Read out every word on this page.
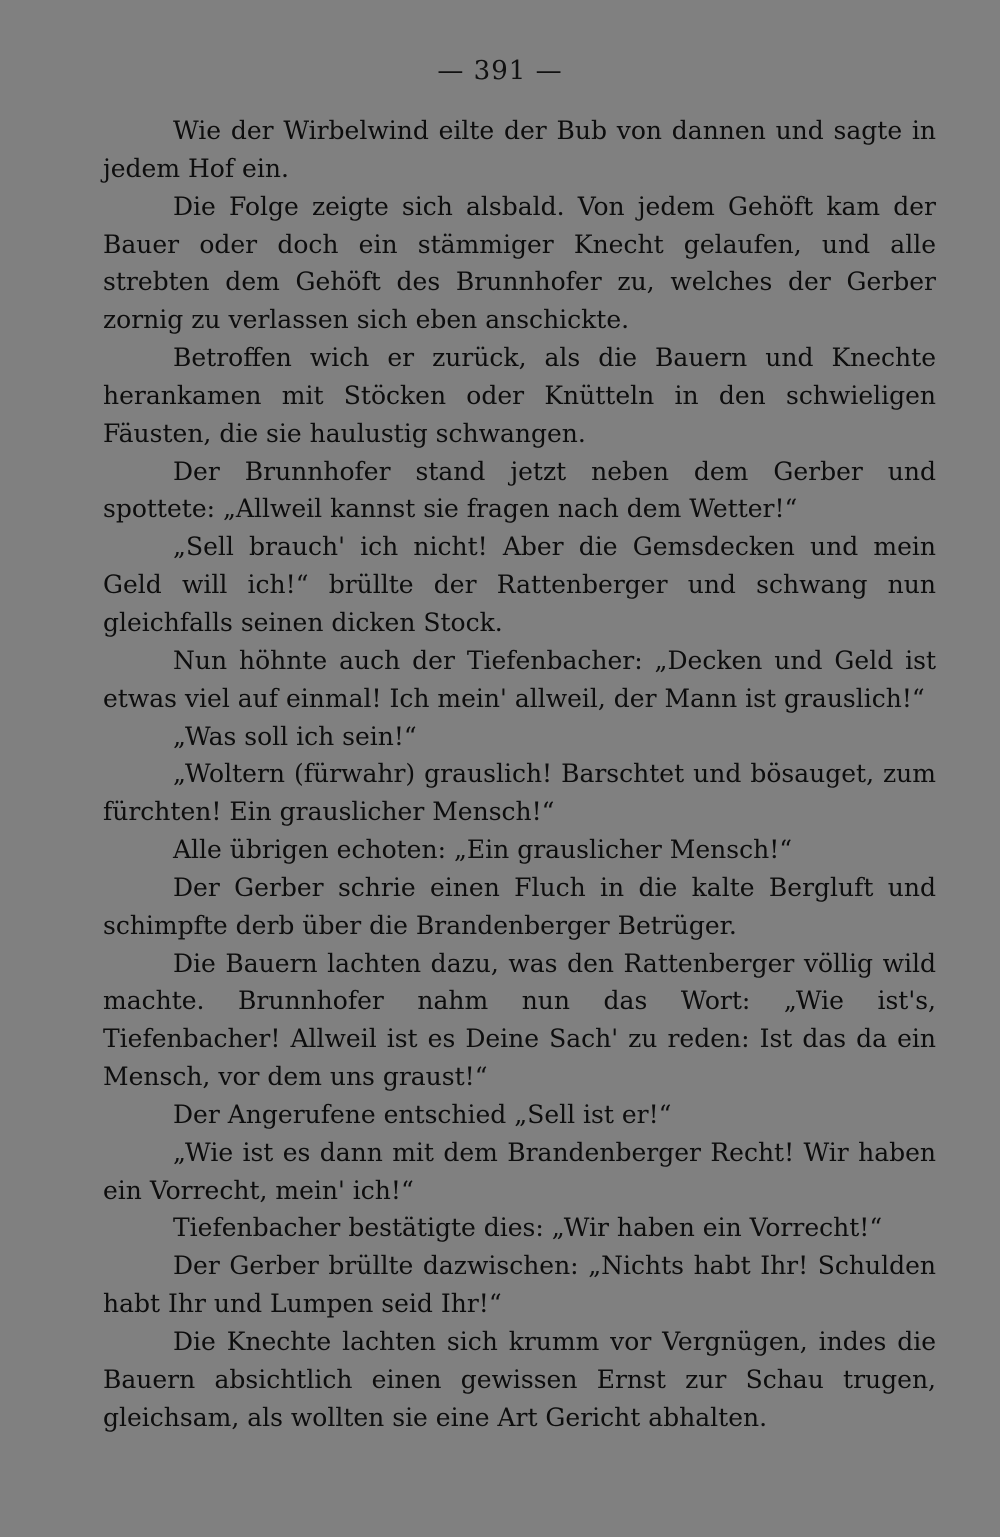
— 391 —

Wie der Wirbelwind eilte der Bub von dannen und sagte in jedem Hof ein.

Die Folge zeigte sich alsbald. Von jedem Gehöft kam der Bauer oder doch ein stämmiger Knecht gelaufen, und alle strebten dem Gehöft des Brunnhofer zu, welches der Gerber zornig zu verlassen sich eben anschickte.

Betroffen wich er zurück, als die Bauern und Knechte herankamen mit Stöcken oder Knütteln in den schwieligen Fäusten, die sie haulustig schwangen.

Der Brunnhofer stand jetzt neben dem Gerber und spottete: „Allweil kannst sie fragen nach dem Wetter!“

„Sell brauch' ich nicht! Aber die Gemsdecken und mein Geld will ich!“ brüllte der Rattenberger und schwang nun gleichfalls seinen dicken Stock.

Nun höhnte auch der Tiefenbacher: „Decken und Geld ist etwas viel auf einmal! Ich mein' allweil, der Mann ist grauslich!“

„Was soll ich sein!“

„Woltern (fürwahr) grauslich! Barschtet und bösauget, zum fürchten! Ein grauslicher Mensch!“

Alle übrigen echoten: „Ein grauslicher Mensch!“

Der Gerber schrie einen Fluch in die kalte Bergluft und schimpfte derb über die Brandenberger Betrüger.

Die Bauern lachten dazu, was den Rattenberger völlig wild machte. Brunnhofer nahm nun das Wort: „Wie ist's, Tiefenbacher! Allweil ist es Deine Sach' zu reden: Ist das da ein Mensch, vor dem uns graust!“

Der Angerufene entschied „Sell ist er!“

„Wie ist es dann mit dem Brandenberger Recht! Wir haben ein Vorrecht, mein' ich!“

Tiefenbacher bestätigte dies: „Wir haben ein Vorrecht!“

Der Gerber brüllte dazwischen: „Nichts habt Ihr! Schulden habt Ihr und Lumpen seid Ihr!“

Die Knechte lachten sich krumm vor Vergnügen, indes die Bauern absichtlich einen gewissen Ernst zur Schau trugen, gleichsam, als wollten sie eine Art Gericht abhalten.
